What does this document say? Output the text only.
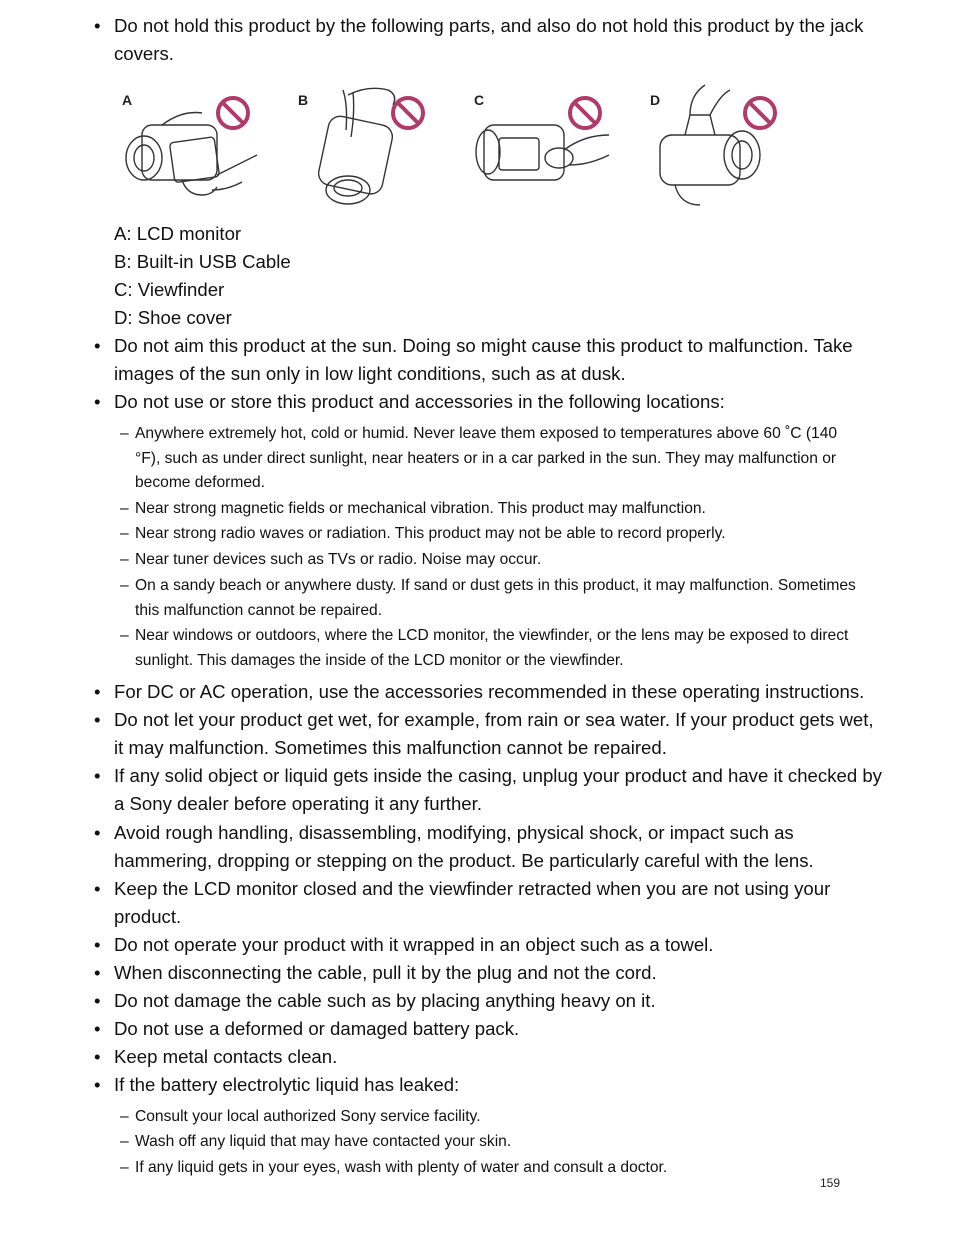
• Do not hold this product by the following parts, and also do not hold this product by the jack covers.
A	B	C	D
A: LCD monitor
B: Built-in USB Cable
C: Viewfinder
D: Shoe cover
• Do not aim this product at the sun. Doing so might cause this product to malfunction. Take images of the sun only in low light conditions, such as at dusk.
• Do not use or store this product and accessories in the following locations:
– Anywhere extremely hot, cold or humid. Never leave them exposed to temperatures above 60 ˚C (140 °F), such as under direct sunlight, near heaters or in a car parked in the sun. They may malfunction or become deformed.
– Near strong magnetic fields or mechanical vibration. This product may malfunction.
– Near strong radio waves or radiation. This product may not be able to record properly.
– Near tuner devices such as TVs or radio. Noise may occur.
– On a sandy beach or anywhere dusty. If sand or dust gets in this product, it may malfunction. Sometimes this malfunction cannot be repaired.
– Near windows or outdoors, where the LCD monitor, the viewfinder, or the lens may be exposed to direct sunlight. This damages the inside of the LCD monitor or the viewfinder.
• For DC or AC operation, use the accessories recommended in these operating instructions.
• Do not let your product get wet, for example, from rain or sea water. If your product gets wet, it may malfunction. Sometimes this malfunction cannot be repaired.
• If any solid object or liquid gets inside the casing, unplug your product and have it checked by a Sony dealer before operating it any further.
• Avoid rough handling, disassembling, modifying, physical shock, or impact such as hammering, dropping or stepping on the product. Be particularly careful with the lens.
• Keep the LCD monitor closed and the viewfinder retracted when you are not using your product.
• Do not operate your product with it wrapped in an object such as a towel.
• When disconnecting the cable, pull it by the plug and not the cord.
• Do not damage the cable such as by placing anything heavy on it.
• Do not use a deformed or damaged battery pack.
• Keep metal contacts clean.
• If the battery electrolytic liquid has leaked:
– Consult your local authorized Sony service facility.
– Wash off any liquid that may have contacted your skin.
– If any liquid gets in your eyes, wash with plenty of water and consult a doctor.
159
